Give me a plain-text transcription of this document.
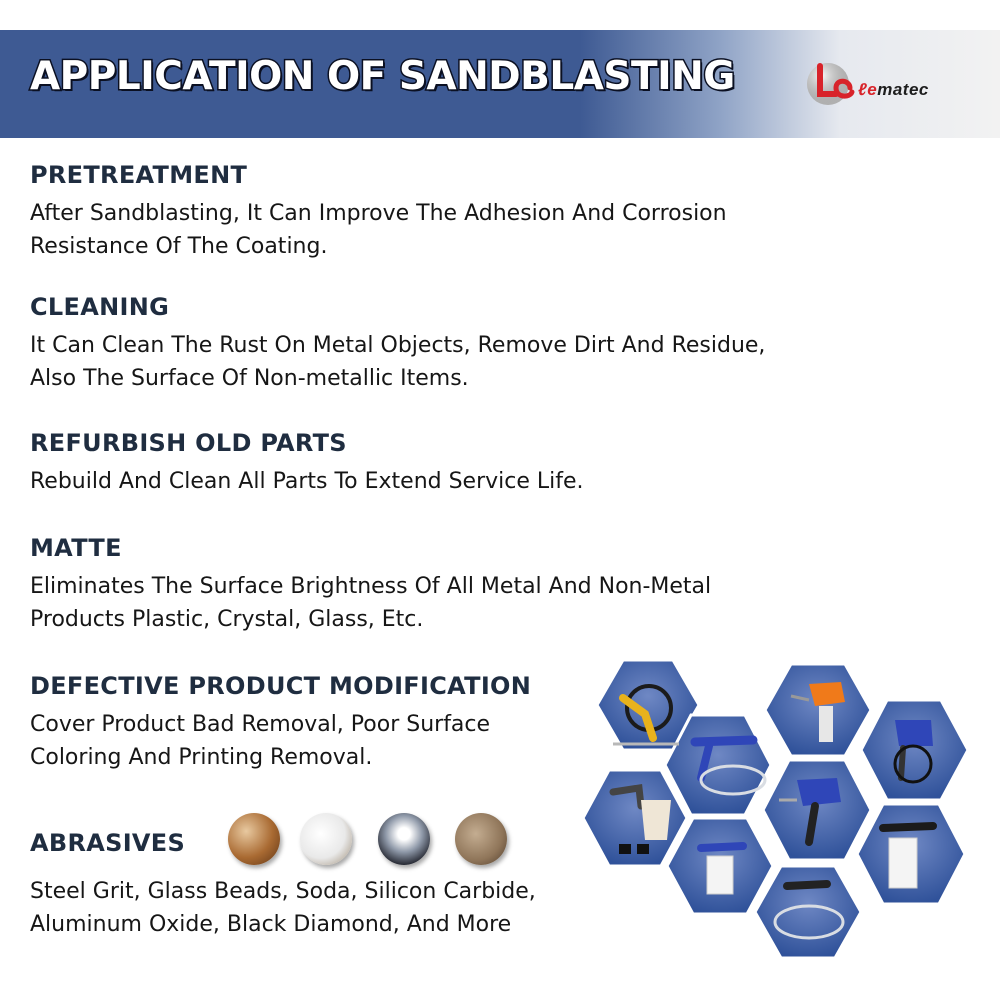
APPLICATION OF SANDBLASTING	ℓematec

PRETREATMENT

After Sandblasting, It Can Improve The Adhesion And Corrosion
Resistance Of The Coating.

CLEANING

It Can Clean The Rust On Metal Objects, Remove Dirt And Residue,
Also The Surface Of Non-metallic Items.

REFURBISH OLD PARTS

Rebuild And Clean All Parts To Extend Service Life.

MATTE

Eliminates The Surface Brightness Of All Metal And Non-Metal
Products Plastic, Crystal, Glass, Etc.

DEFECTIVE PRODUCT MODIFICATION

Cover Product Bad Removal, Poor Surface
Coloring And Printing Removal.

ABRASIVES

Steel Grit, Glass Beads, Soda, Silicon Carbide,
Aluminum Oxide, Black Diamond, And More
